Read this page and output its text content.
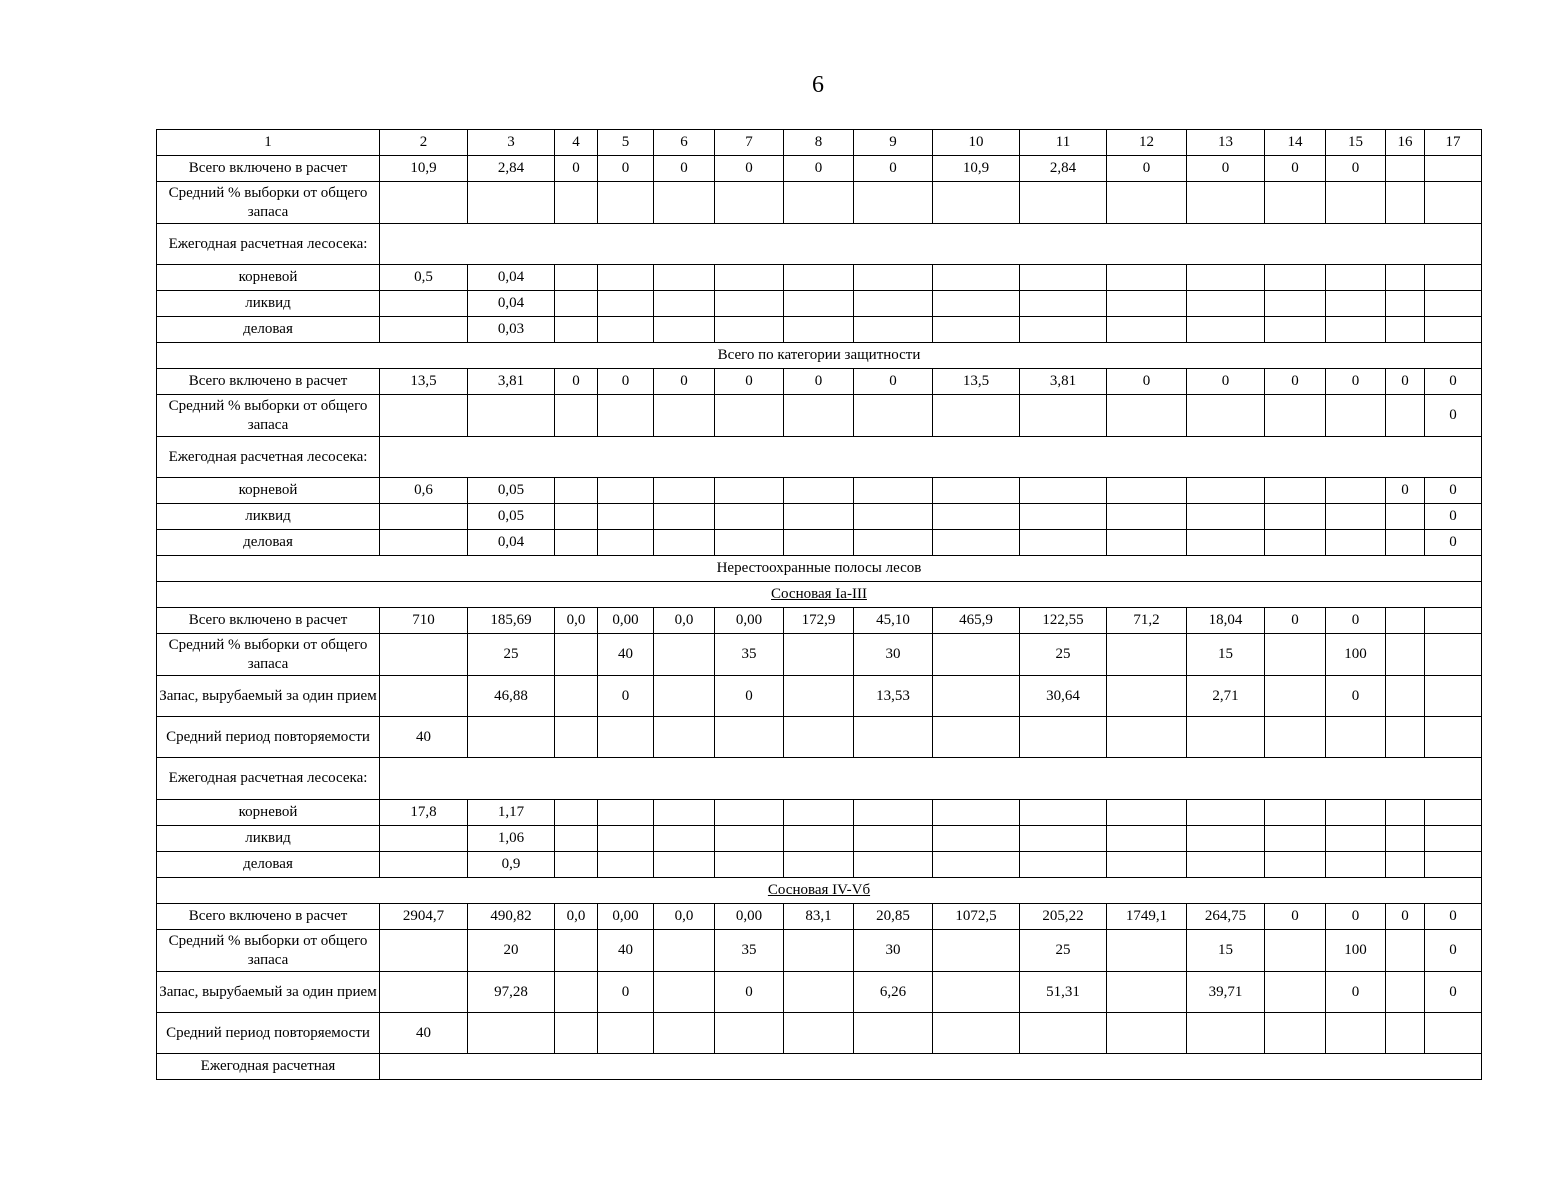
6
1	2	3	4	5	6	7	8	9	10	11	12	13	14	15	16	17
Всего включено в расчет	10,9	2,84	0	0	0	0	0	0	10,9	2,84	0	0	0	0		
Средний % выборки от общего запаса																
Ежегодная расчетная лесосека:																
корневой	0,5	0,04														
ликвид		0,04														
деловая		0,03														
Всего по категории защитности																
Всего включено в расчет	13,5	3,81	0	0	0	0	0	0	13,5	3,81	0	0	0	0	0	0
Средний % выборки от общего запаса																0
Ежегодная расчетная лесосека:																
корневой	0,6	0,05													0	0
ликвид		0,05														0
деловая		0,04														0
Нерестоохранные полосы лесов																
Сосновая Iа-III																
Всего включено в расчет	710	185,69	0,0	0,00	0,0	0,00	172,9	45,10	465,9	122,55	71,2	18,04	0	0		
Средний % выборки от общего запаса		25		40		35		30		25		15		100		
Запас, вырубаемый за один прием		46,88		0		0		13,53		30,64		2,71		0		
Средний период повторяемости	40															
Ежегодная расчетная лесосека:																
корневой	17,8	1,17														
ликвид		1,06														
деловая		0,9														
Сосновая IV-Vб																
Всего включено в расчет	2904,7	490,82	0,0	0,00	0,0	0,00	83,1	20,85	1072,5	205,22	1749,1	264,75	0	0	0	0
Средний % выборки от общего запаса		20		40		35		30		25		15		100		0
Запас, вырубаемый за один прием		97,28		0		0		6,26		51,31		39,71		0		0
Средний период повторяемости	40															
Ежегодная расчетная																
